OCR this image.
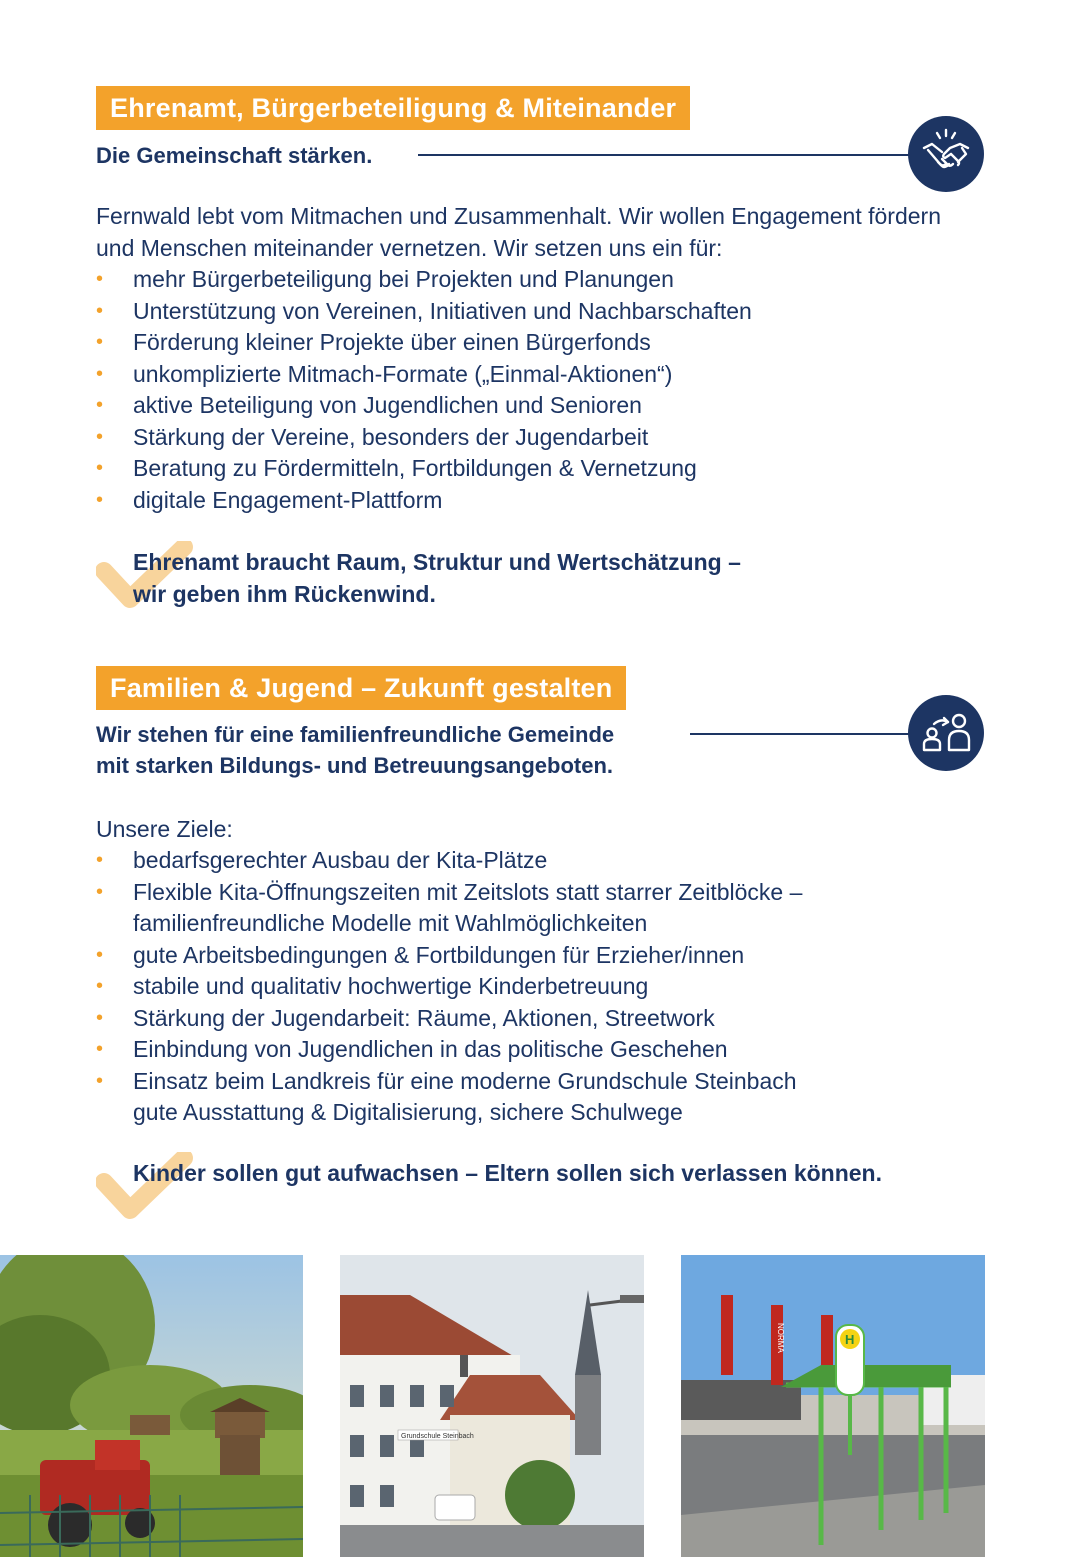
Ehrenamt, Bürgerbeteiligung & Miteinander

Die Gemeinschaft stärken.

Fernwald lebt vom Mitmachen und Zusammenhalt. Wir wollen Engagement fördern
und Menschen miteinander vernetzen. Wir setzen uns ein für:

• mehr Bürgerbeteiligung bei Projekten und Planungen
• Unterstützung von Vereinen, Initiativen und Nachbarschaften
• Förderung kleiner Projekte über einen Bürgerfonds
• unkomplizierte Mitmach-Formate („Einmal-Aktionen“)
• aktive Beteiligung von Jugendlichen und Senioren
• Stärkung der Vereine, besonders der Jugendarbeit
• Beratung zu Fördermitteln, Fortbildungen & Vernetzung
• digitale Engagement-Plattform

Ehrenamt braucht Raum, Struktur und Wertschätzung –
wir geben ihm Rückenwind.

Familien & Jugend – Zukunft gestalten

Wir stehen für eine familienfreundliche Gemeinde
mit starken Bildungs- und Betreuungsangeboten.

Unsere Ziele:

• bedarfsgerechter Ausbau der Kita-Plätze
• Flexible Kita-Öffnungszeiten mit Zeitslots statt starrer Zeitblöcke –
familienfreundliche Modelle mit Wahlmöglichkeiten
• gute Arbeitsbedingungen & Fortbildungen für Erzieher/innen
• stabile und qualitativ hochwertige Kinderbetreuung
• Stärkung der Jugendarbeit: Räume, Aktionen, Streetwork
• Einbindung von Jugendlichen in das politische Geschehen
• Einsatz beim Landkreis für eine moderne Grundschule Steinbach
gute Ausstattung & Digitalisierung, sichere Schulwege

Kinder sollen gut aufwachsen – Eltern sollen sich verlassen können.

Grundschule Steinbach
NORMA	H
